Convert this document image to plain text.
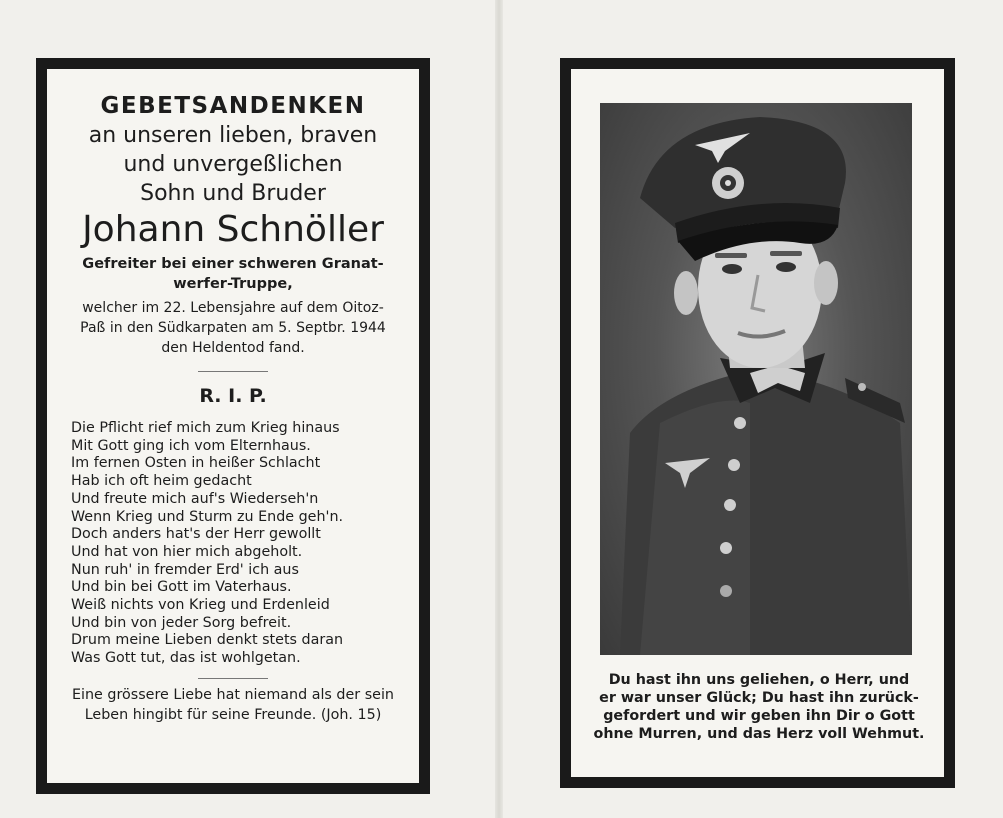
GEBETSANDENKEN

an unseren lieben, braven

und unvergeßlichen

Sohn und Bruder

Johann Schnöller

Gefreiter bei einer schweren Granat-

werfer-Truppe,

welcher im 22. Lebensjahre auf dem Oitoz-

Paß in den Südkarpaten am 5. Septbr. 1944

den Heldentod fand.

R. I. P.

Die Pflicht rief mich zum Krieg hinaus
Mit Gott ging ich vom Elternhaus.
Im fernen Osten in heißer Schlacht
Hab ich oft heim gedacht
Und freute mich auf's Wiederseh'n
Wenn Krieg und Sturm zu Ende geh'n.
Doch anders hat's der Herr gewollt
Und hat von hier mich abgeholt.
Nun ruh' in fremder Erd' ich aus
Und bin bei Gott im Vaterhaus.
Weiß nichts von Krieg und Erdenleid
Und bin von jeder Sorg befreit.
Drum meine Lieben denkt stets daran
Was Gott tut, das ist wohlgetan.

Eine grössere Liebe hat niemand als der sein

Leben hingibt für seine Freunde. (Joh. 15)

Du hast ihn uns geliehen, o Herr, und
er war unser Glück; Du hast ihn zurück-
gefordert und wir geben ihn Dir o Gott
ohne Murren, und das Herz voll Wehmut.
